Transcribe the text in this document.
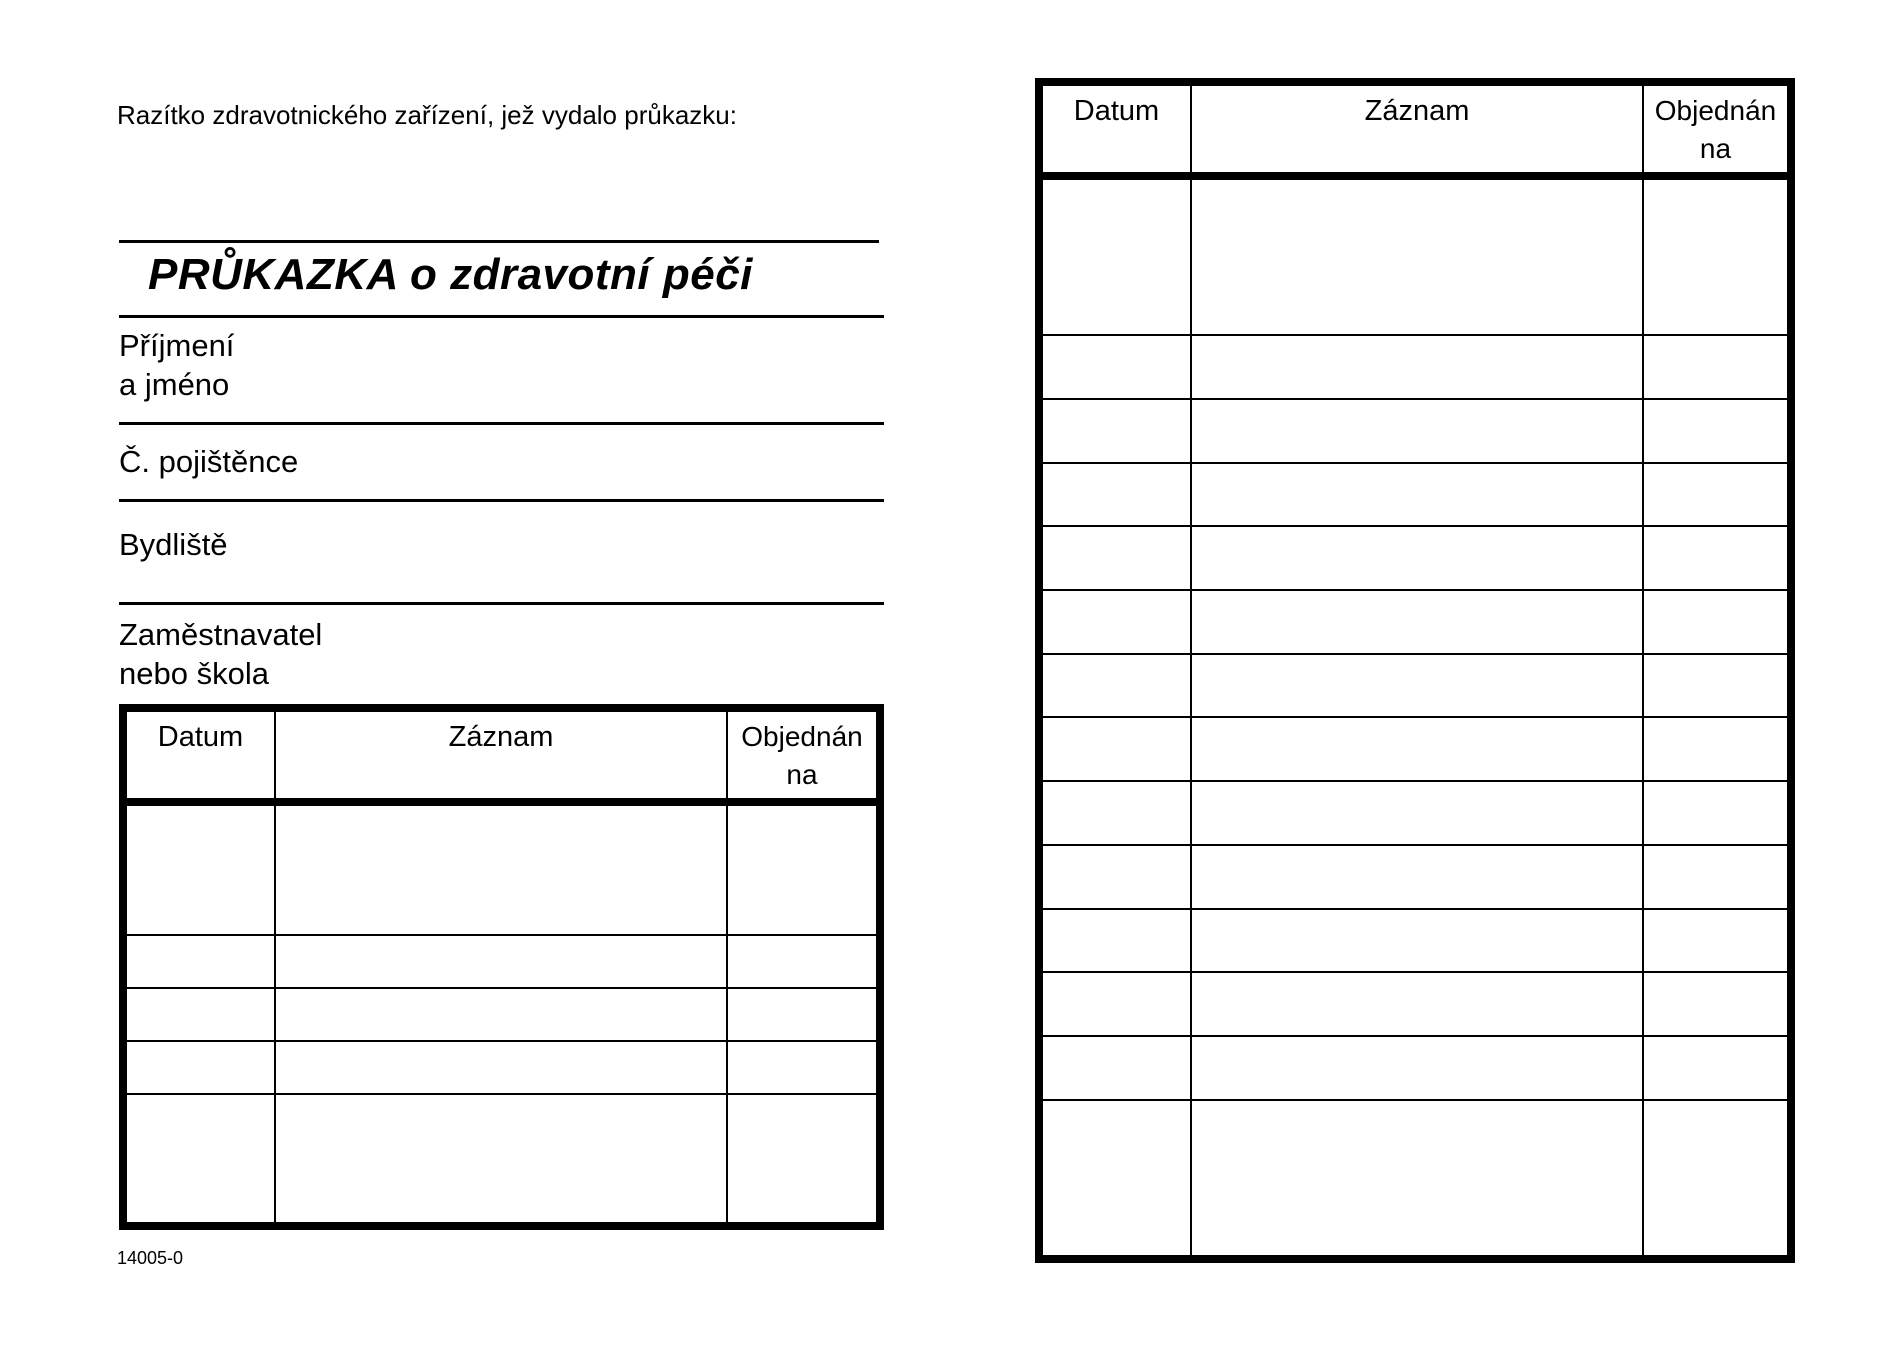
Razítko zdravotnického zařízení, jež vydalo průkazku:
PRŮKAZKA o zdravotní péči
Příjmení
a jméno
Č. pojištěnce
Bydliště
Zaměstnavatel
nebo škola
Datum	Záznam	Objednán
na

14005-0
Datum	Záznam	Objednán
na
